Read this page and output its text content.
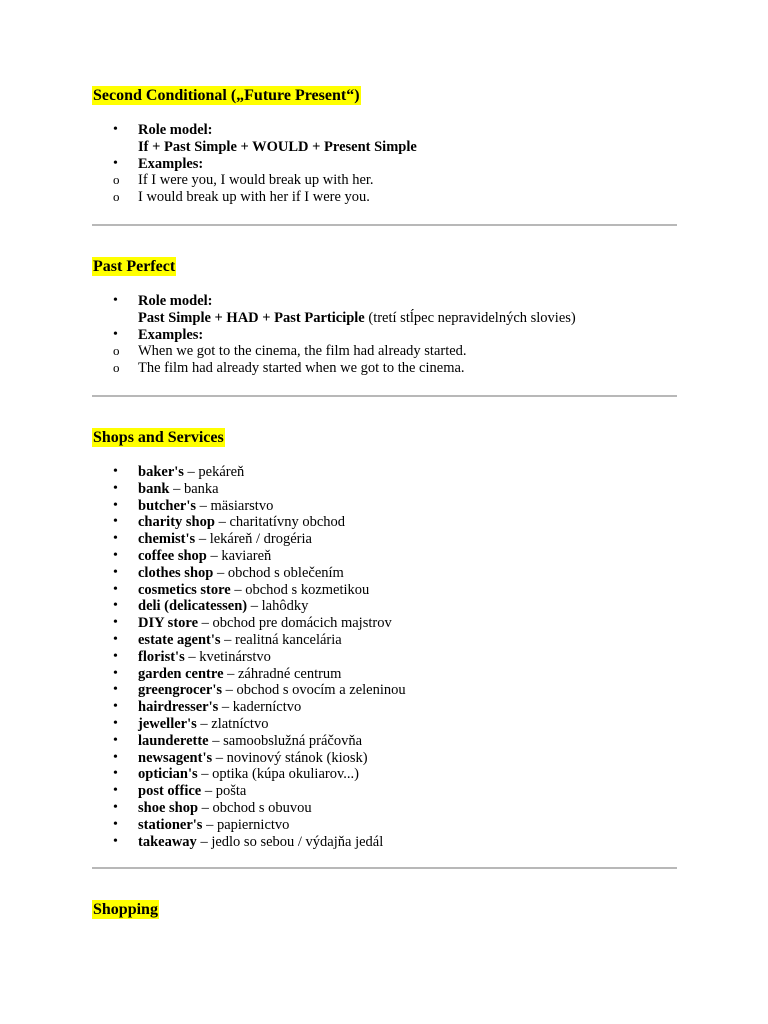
Second Conditional („Future Present“)
• Role model:
If + Past Simple + WOULD + Present Simple
• Examples:
o If I were you, I would break up with her.
o I would break up with her if I were you.
Past Perfect
• Role model:
Past Simple + HAD + Past Participle (tretí stĺpec nepravidelných slovies)
• Examples:
o When we got to the cinema, the film had already started.
o The film had already started when we got to the cinema.
Shops and Services
• baker's – pekáreň
• bank – banka
• butcher's – mäsiarstvo
• charity shop – charitatívny obchod
• chemist's – lekáreň / drogéria
• coffee shop – kaviareň
• clothes shop – obchod s oblečením
• cosmetics store – obchod s kozmetikou
• deli (delicatessen) – lahôdky
• DIY store – obchod pre domácich majstrov
• estate agent's – realitná kancelária
• florist's – kvetinárstvo
• garden centre – záhradné centrum
• greengrocer's – obchod s ovocím a zeleninou
• hairdresser's – kaderníctvo
• jeweller's – zlatníctvo
• launderette – samoobslužná práčovňa
• newsagent's – novinový stánok (kiosk)
• optician's – optika (kúpa okuliarov...)
• post office – pošta
• shoe shop – obchod s obuvou
• stationer's – papiernictvo
• takeaway – jedlo so sebou / výdajňa jedál
Shopping
